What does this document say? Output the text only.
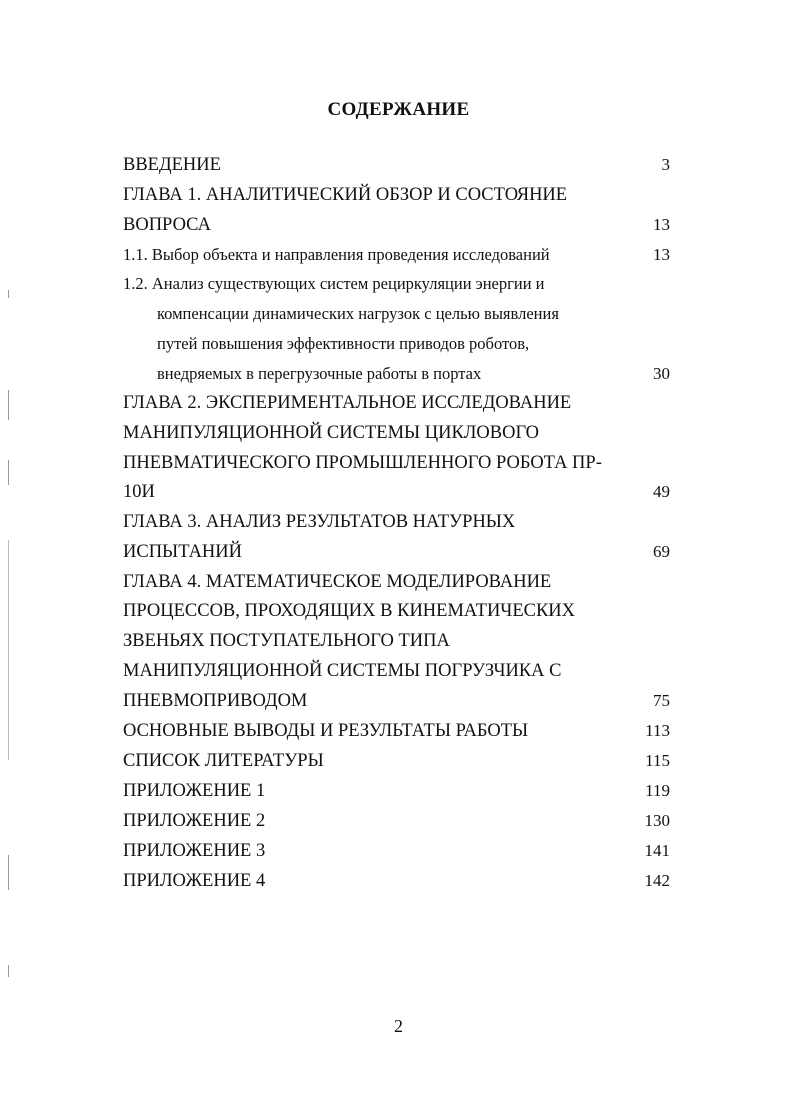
СОДЕРЖАНИЕ
ВВЕДЕНИЕ	3
ГЛАВА 1. АНАЛИТИЧЕСКИЙ ОБЗОР И СОСТОЯНИЕ
ВОПРОСА	13
1.1. Выбор объекта и направления проведения исследований	13
1.2. Анализ существующих систем рециркуляции энергии и
компенсации динамических нагрузок с целью выявления
путей повышения эффективности приводов роботов,
внедряемых в перегрузочные работы в портах	30
ГЛАВА 2. ЭКСПЕРИМЕНТАЛЬНОЕ ИССЛЕДОВАНИЕ
МАНИПУЛЯЦИОННОЙ СИСТЕМЫ ЦИКЛОВОГО
ПНЕВМАТИЧЕСКОГО ПРОМЫШЛЕННОГО РОБОТА ПР-
10И	49
ГЛАВА 3. АНАЛИЗ РЕЗУЛЬТАТОВ НАТУРНЫХ
ИСПЫТАНИЙ	69
ГЛАВА 4. МАТЕМАТИЧЕСКОЕ МОДЕЛИРОВАНИЕ
ПРОЦЕССОВ, ПРОХОДЯЩИХ В КИНЕМАТИЧЕСКИХ
ЗВЕНЬЯХ ПОСТУПАТЕЛЬНОГО ТИПА
МАНИПУЛЯЦИОННОЙ СИСТЕМЫ ПОГРУЗЧИКА С
ПНЕВМОПРИВОДОМ	75
ОСНОВНЫЕ ВЫВОДЫ И РЕЗУЛЬТАТЫ РАБОТЫ	113
СПИСОК ЛИТЕРАТУРЫ	115
ПРИЛОЖЕНИЕ 1	119
ПРИЛОЖЕНИЕ 2	130
ПРИЛОЖЕНИЕ 3	141
ПРИЛОЖЕНИЕ 4	142
2
